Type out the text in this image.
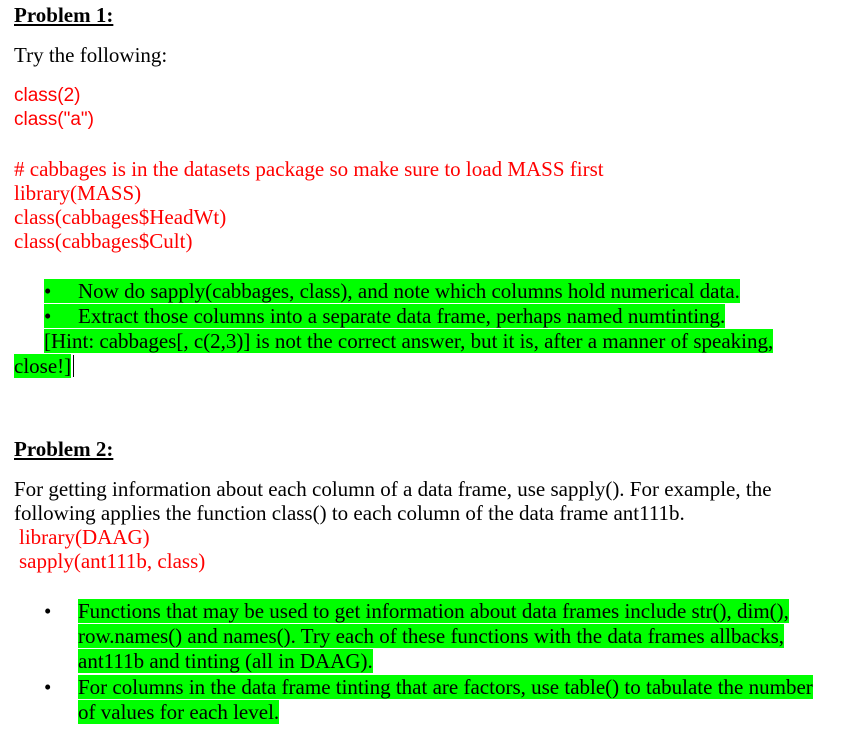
Problem 1:
Try the following:
class(2)
class("a")
# cabbages is in the datasets package so make sure to load MASS first
library(MASS)
class(cabbages$HeadWt)
class(cabbages$Cult)
• Now do sapply(cabbages, class), and note which columns hold numerical data.
• Extract those columns into a separate data frame, perhaps named numtinting.
[Hint: cabbages[, c(2,3)] is not the correct answer, but it is, after a manner of speaking,
close!]
Problem 2:
For getting information about each column of a data frame, use sapply(). For example, the
following applies the function class() to each column of the data frame ant111b.
library(DAAG)
sapply(ant111b, class)
• Functions that may be used to get information about data frames include str(), dim(),
row.names() and names(). Try each of these functions with the data frames allbacks,
ant111b and tinting (all in DAAG).
• For columns in the data frame tinting that are factors, use table() to tabulate the number
of values for each level.
